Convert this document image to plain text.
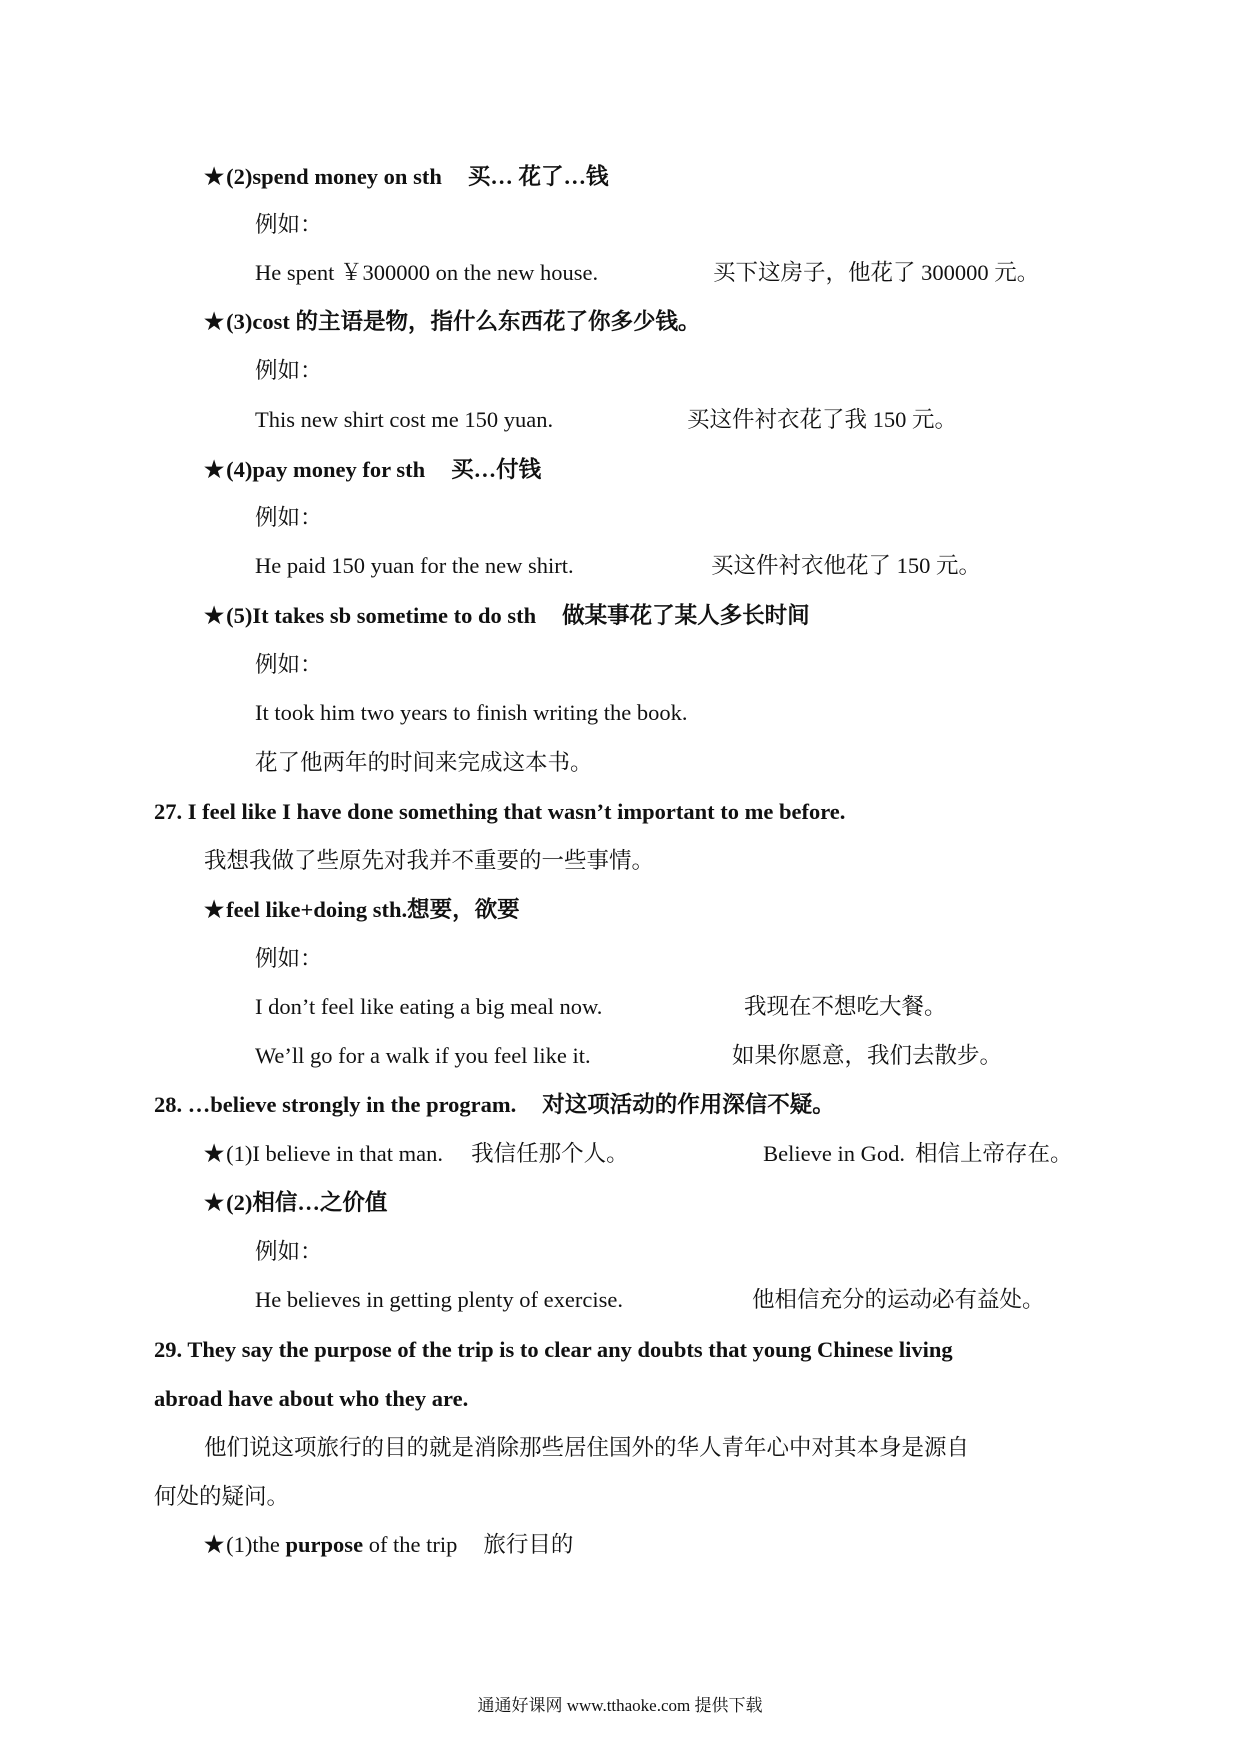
★(2)spend money on sth 买… 花了…钱
例如：
He spent ￥300000 on the new house.	买下这房子，他花了 300000 元。
★(3)cost 的主语是物，指什么东西花了你多少钱。
例如：
This new shirt cost me 150 yuan.	买这件衬衣花了我 150 元。
★(4)pay money for sth 买…付钱
例如：
He paid 150 yuan for the new shirt.	买这件衬衣他花了 150 元。
★(5)It takes sb sometime to do sth 做某事花了某人多长时间
例如：
It took him two years to finish writing the book.
花了他两年的时间来完成这本书。
27. I feel like I have done something that wasn’t important to me before.
我想我做了些原先对我并不重要的一些事情。
★feel like+doing sth.想要，欲要
例如：
I don’t feel like eating a big meal now.	我现在不想吃大餐。
We’ll go for a walk if you feel like it.	如果你愿意，我们去散步。
28. …believe strongly in the program. 对这项活动的作用深信不疑。
★(1)I believe in that man. 我信任那个人。	Believe in God. 相信上帝存在。
★(2)相信…之价值
例如：
He believes in getting plenty of exercise.	他相信充分的运动必有益处。
29. They say the purpose of the trip is to clear any doubts that young Chinese living
abroad have about who they are.
他们说这项旅行的目的就是消除那些居住国外的华人青年心中对其本身是源自
何处的疑问。
★(1)the purpose of the trip 旅行目的
通通好课网 www.tthaoke.com 提供下载
